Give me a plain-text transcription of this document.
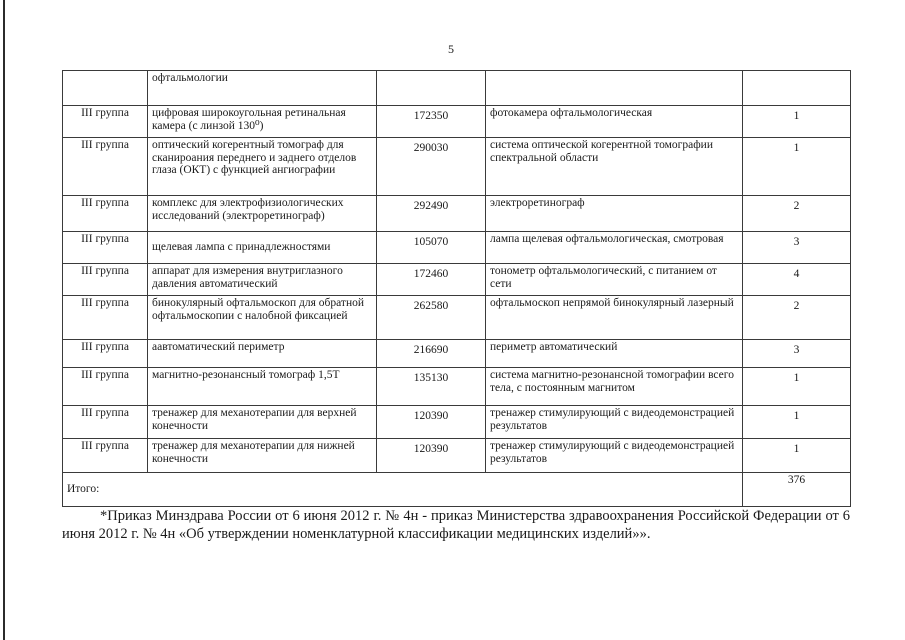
5
	офтальмологии			
III группа	цифровая широкоугольная ретинальная камера (с линзой 130⁰)	172350	фотокамера офтальмологическая	1
III группа	оптический когерентный томограф для сканироания переднего и заднего отделов глаза (ОКТ) с функцией ангиографии	290030	система оптической когерентной томографии спектральной области	1
III группа	комплекс для электрофизиологических исследований (электроретинограф)	292490	электроретинограф	2
III группа	щелевая лампа с принадлежностями	105070	лампа щелевая офтальмологическая, смотровая	3
III группа	аппарат для измерения внутриглазного давления автоматический	172460	тонометр офтальмологический, с питанием от сети	4
III группа	бинокулярный офтальмоскоп для обратной офтальмоскопии с налобной фиксацией	262580	офтальмоскоп непрямой бинокулярный лазерный	2
III группа	аавтоматический периметр	216690	периметр автоматический	3
III группа	магнитно-резонансный томограф 1,5Т	135130	система магнитно-резонансной томографии всего тела, с постоянным магнитом	1
III группа	тренажер для механотерапии для верхней конечности	120390	тренажер стимулирующий с видеодемонстрацией результатов	1
III группа	тренажер для механотерапии для нижней конечности	120390	тренажер стимулирующий с видеодемонстрацией результатов	1
Итого:				376
*Приказ Минздрава России от 6 июня 2012 г. № 4н - приказ Министерства здравоохранения Российской Федерации от 6 июня 2012 г. № 4н «Об утверждении номенклатурной классификации медицинских изделий»».
